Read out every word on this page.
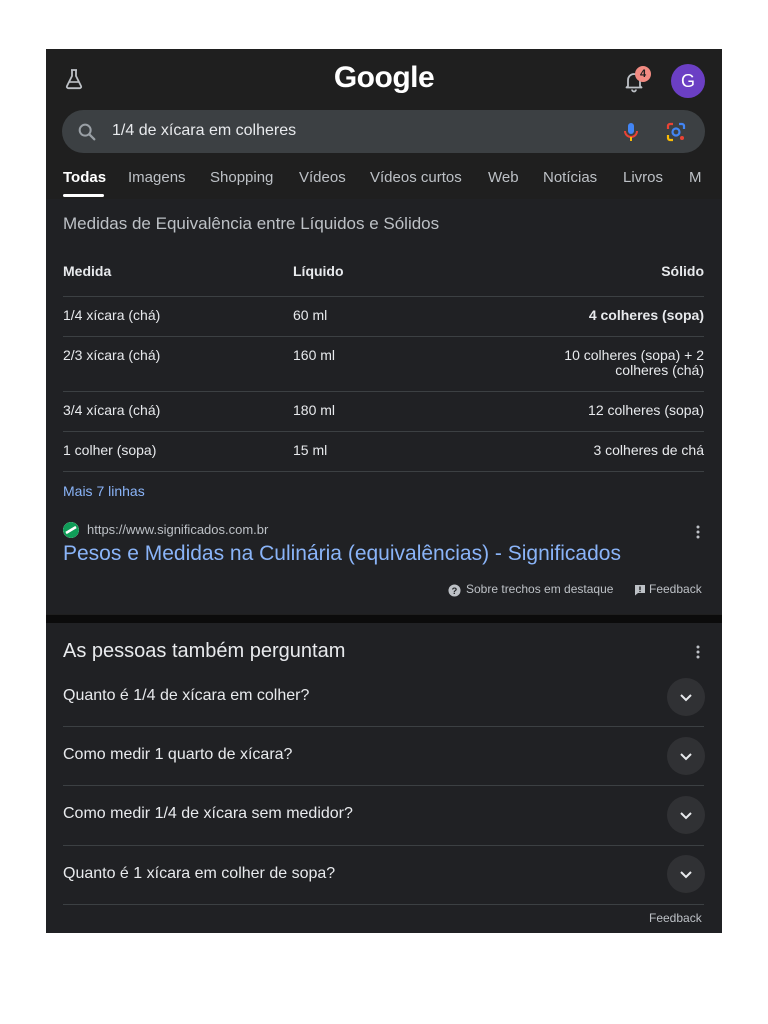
Google	4	G
1/4 de xícara em colheres
Todas Imagens Shopping Vídeos Vídeos curtos Web Notícias Livros M
Medidas de Equivalência entre Líquidos e Sólidos
Medida	Líquido	Sólido
1/4 xícara (chá)	60 ml	4 colheres (sopa)
2/3 xícara (chá)	160 ml	10 colheres (sopa) + 2
colheres (chá)
3/4 xícara (chá)	180 ml	12 colheres (sopa)
1 colher (sopa)	15 ml	3 colheres de chá
Mais 7 linhas
https://www.significados.com.br
Pesos e Medidas na Culinária (equivalências) - Significados
? Sobre trechos em destaque	Feedback
As pessoas também perguntam
Quanto é 1/4 de xícara em colher?
Como medir 1 quarto de xícara?
Como medir 1/4 de xícara sem medidor?
Quanto é 1 xícara em colher de sopa?
Feedback
